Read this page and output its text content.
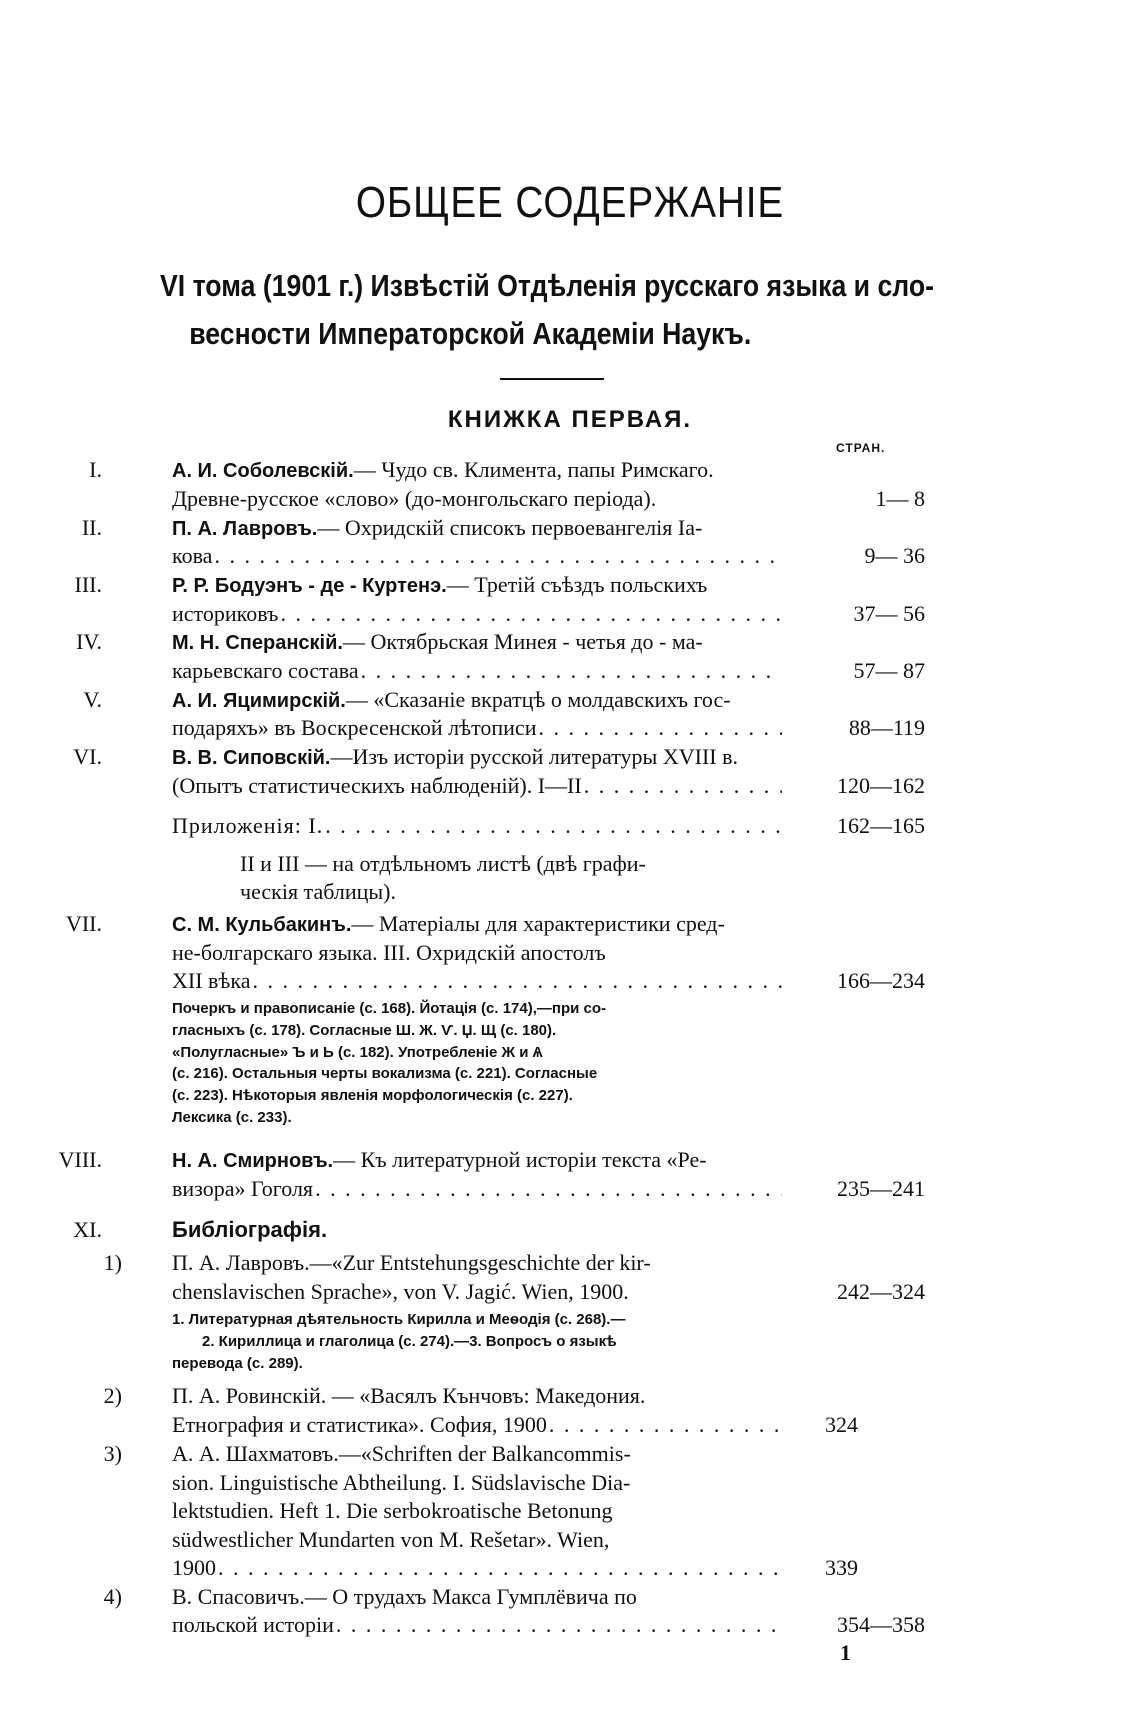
ОБЩЕЕ СОДЕРЖАНІЕ
VI тома (1901 г.) Извѣстій Отдѣленія русскаго языка и сло-
весности Императорской Академіи Наукъ.
КНИЖКА ПЕРВАЯ.
СТРАН.
I.	А. И. Соболевскій.— Чудо св. Климента, папы Римскаго.
Древне-русское «слово» (до-монгольскаго періода).	1— 8
II.	П. А. Лавровъ.— Охридскій списокъ первоевангелія Іа-
кова . . .	9— 36
III.	Р. Р. Бодуэнъ - де - Куртенэ.— Третій съѣздъ польскихъ
историковъ . . .	37— 56
IV.	М. Н. Сперанскій.— Октябрьская Минея - четья до - ма-
карьевскаго состава . . .	57— 87
V.	А. И. Яцимирскій.— «Сказаніе вкратцѣ о молдавскихъ гос-
подаряхъ» въ Воскресенской лѣтописи . . .	88—119
VI.	В. В. Сиповскій.—Изъ исторіи русской литературы XVIII в.
(Опытъ статистическихъ наблюденій). I—II . . .	120—162
Приложенія: I. . . .	162—165
II и III — на отдѣльномъ листѣ (двѣ графи-
ческія таблицы).
VII.	С. М. Кульбакинъ.— Матеріалы для характеристики сред-
не-болгарскаго языка. III. Охридскій апостолъ
XII вѣка . . .	166—234
Почеркъ и правописаніе (с. 168). Йотація (с. 174),—при со-
гласныхъ (с. 178). Согласные Ш. Ж. Ѵ. Џ. Щ (с. 180).
«Полугласные» Ъ и Ь (с. 182). Употребленіе Ж и Ѧ
(с. 216). Остальныя черты вокализма (с. 221). Согласные
(с. 223). Нѣкоторыя явленія морфологическія (с. 227).
Лексика (с. 233).
VIII.	Н. А. Смирновъ.— Къ литературной исторіи текста «Ре-
визора» Гоголя . . .	235—241
XI.	Библіографія.
1) П. А. Лавровъ.—«Zur Entstehungsgeschichte der kir-
chenslavischen Sprache», von V. Jagić. Wien, 1900.	242—324
1. Литературная дѣятельность Кирилла и Меѳодія (с. 268).—
2. Кириллица и глаголица (с. 274).—3. Вопросъ о языкѣ
перевода (с. 289).
2) П. А. Ровинскій. — «Васялъ Кънчовъ: Македония.
Етнография и статистика». София, 1900 . . .	324
3) А. А. Шахматовъ.—«Schriften der Balkancommis-
sion. Linguistische Abtheilung. I. Südslavische Dia-
lektstudien. Heft 1. Die serbokroatische Betonung
südwestlicher Mundarten von M. Rešetar». Wien,
1900 . . .	339
4) В. Спасовичъ.— О трудахъ Макса Гумплёвича по
польской исторіи . . .	354—358
1
